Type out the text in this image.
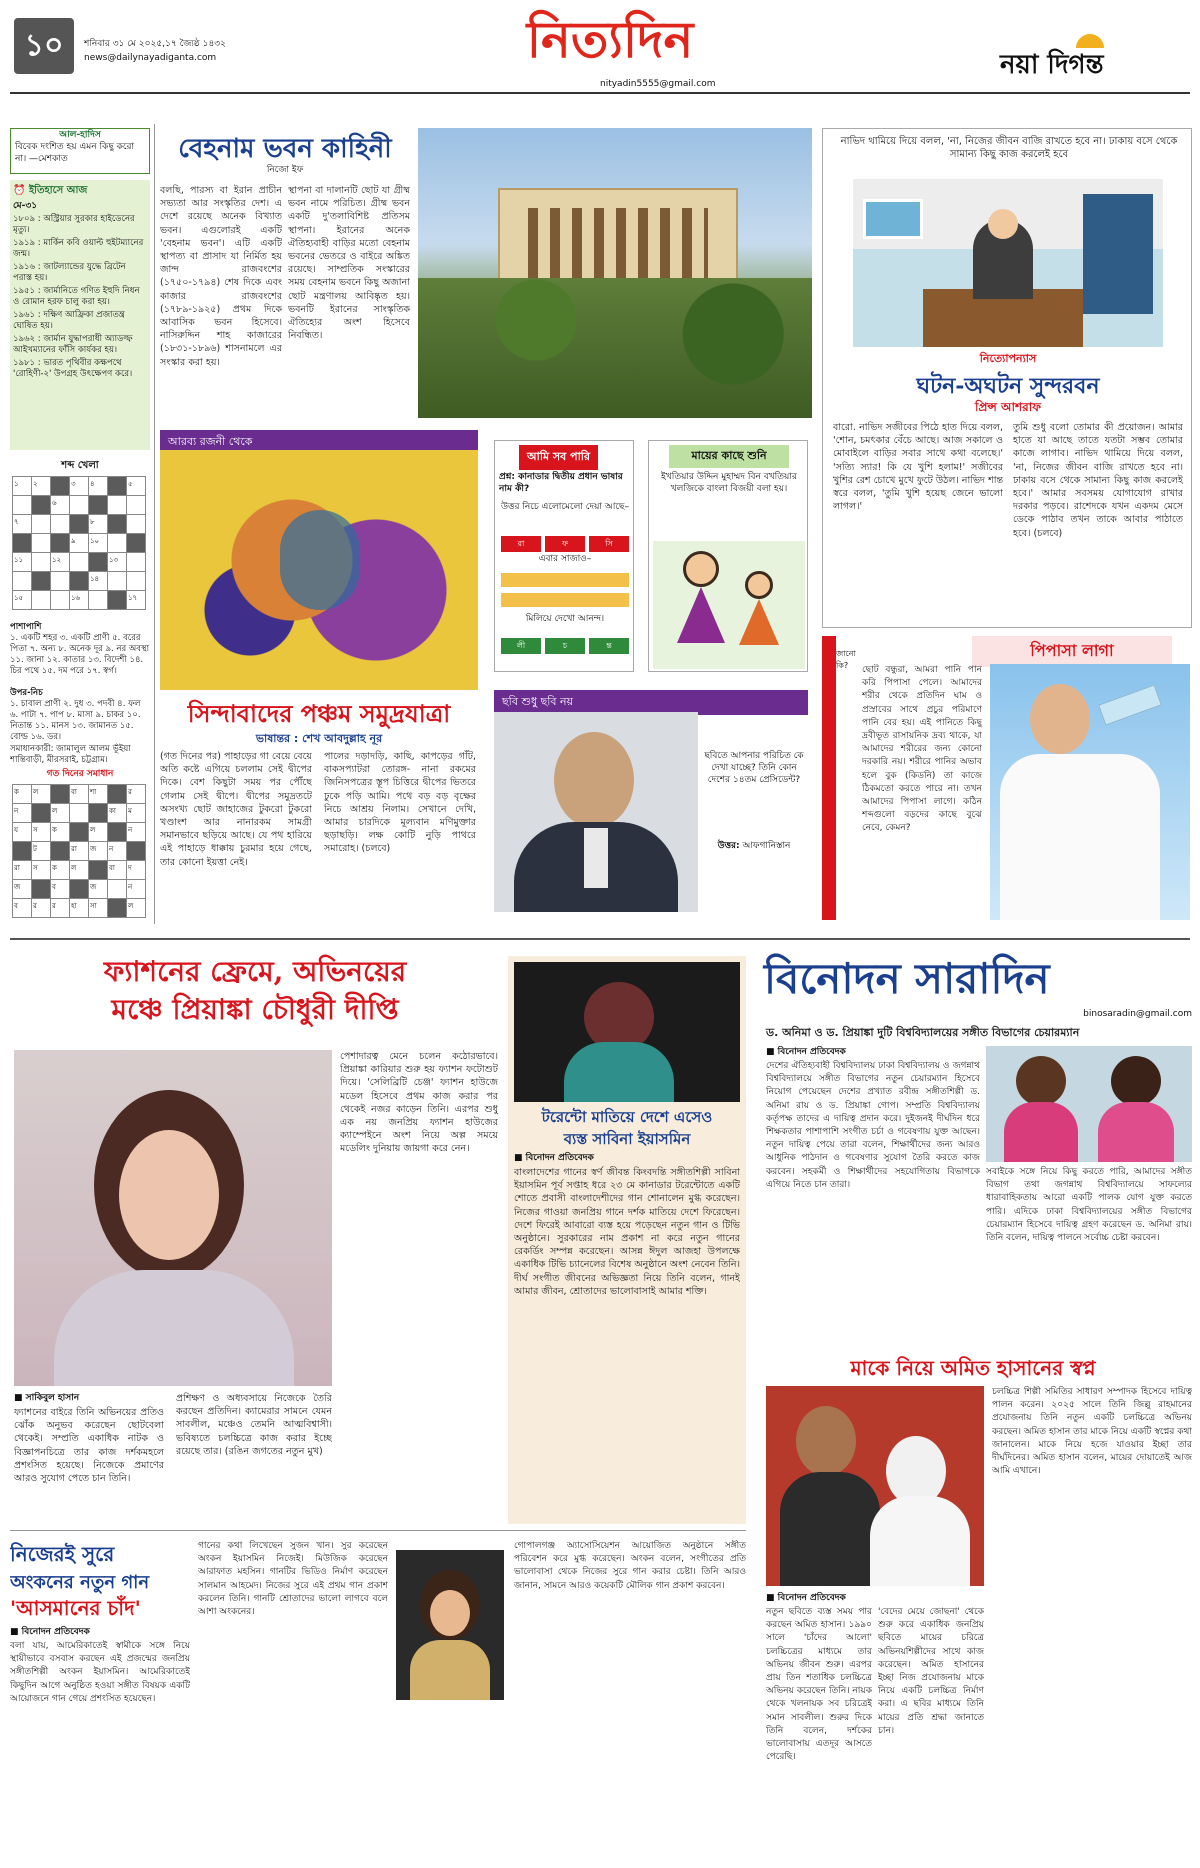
১০	শনিবার ৩১ মে ২০২৫,১৭ জ্যৈষ্ঠ ১৪৩২
news@dailynayadiganta.com	নিত্যদিন
nityadin5555@gmail.com
নয়া দিগন্ত
আল-হাদিস
বিবেক দংশিত হয় এমন কিছু করো না। —মেশকাত
⏰ ইতিহাসে আজ
মে-৩১
১৮০৯ : অস্ট্রিয়ার সুরকার হাইডেনের মৃত্যু।
১৯১৯ : মার্কিন কবি ওয়াল্ট হুইটম্যানের জন্ম।
১৯১৬ : জাটল্যান্ডের যুদ্ধে ব্রিটেন পরাস্ত হয়।
১৯৫১ : জার্মানিতে গণিত ইহুদি নিধন ও রোমান হরফ চালু করা হয়।
১৯৬১ : দক্ষিণ আফ্রিকা প্রজাতন্ত্র ঘোষিত হয়।
১৯৬২ : জার্মান যুদ্ধাপরাধী অ্যাডল্ফ আইখম্যানের ফাঁসি কার্যকর হয়।
১৯৮১ : ভারত পৃথিবীর কক্ষপথে 'রোহিণী-২' উপগ্রহ উৎক্ষেপণ করে।
শব্দ খেলা
১	২		৩	৪		৫
		৬				
৭				৮		
			৯	১০		
১১		১২			১৩	
				১৪		
১৫			১৬			১৭
পাশাপাশি
১. একটি শহর ৩. একটি প্রাণী ৫. বরের পিতা ৭. অন্য ৮. অনেক দূর ৯. নর অবস্থা ১১. জানা ১২. কাতার ১৩. বিদেশী ১৪. চির পথে ১৫. দম পরে ১৭. স্বর্গ।
উপর-নিচ
১. চাবাল প্রাণী ২. দুধ ৩. পদবী ৪. ফল ৬. পাটা ৭. পাপ ৮. মাসা ৯. চাকর ১০. নিতান্ত ১১. মানস ১৩. জামানত ১৫. বোল্ড ১৬. ডর।
সমাধানকারী: জামালুল আলম ভূঁইয়া শান্তিবাড়ী, মীরসরাই, চট্টগ্রাম।
গত দিনের সমাধান
ক	ল		বা	শা		র
ন		ল			কা	ম
য	স	ক		ল		ন
	ট		রা	জ	ন	
রা	স	ক	ল		বা	দ
জ		ব		জ		ন
ব	র	র	হা	সা		ল
বেহনাম ভবন কাহিনী
নিজো ইফ
বলছি, পারস্য বা ইরান প্রাচীন সভ্যতা আর সংস্কৃতির দেশ। এ দেশে রয়েছে অনেক বিখ্যাত ভবন। এগুলোরই একটি 'বেহনাম ভবন'। এটি একটি স্থাপত্য বা প্রাসাদ যা নির্মিত হয় জান্দ রাজবংশের (১৭৫০-১৭৯৪) শেষ দিকে এবং কাজার রাজবংশের (১৭৮৯-১৯২৫) প্রথম দিকে আবাসিক ভবন হিসেবে। নাসিরুদ্দিন শাহ কাজারের (১৮৩১-১৮৯৬) শাসনামলে এর সংস্কার করা হয়।
স্থাপনা বা দালানটি ছোট যা গ্রীষ্ম ভবন নামে পরিচিত। গ্রীষ্ম ভবন একটি দু'তলাবিশিষ্ট প্রতিসম স্থাপনা। ইরানের অনেক ঐতিহ্যবাহী বাড়ির মতো বেহনাম ভবনের ভেতরে ও বাইরে অঙ্কিত রয়েছে। সাম্প্রতিক সংস্কারের সময় বেহনাম ভবনে কিছু অজানা ছোট মন্ত্রণালয় আবিষ্কৃত হয়। ভবনটি ইরানের সাংস্কৃতিক ঐতিহ্যের অংশ হিসেবে নিবন্ধিত।
নাভিদ থামিয়ে দিয়ে বলল, 'না, নিজের জীবন বাজি রাখতে হবে না। ঢাকায় বসে থেকে সামান্য কিছু কাজ করলেই হবে
নিত্যোপন্যাস
ঘটন-অঘটন সুন্দরবন
প্রিন্স আশরাফ
বারো. নাভিদ সজীবের পিঠে হাত দিয়ে বলল, 'শোন, চমৎকার বেঁচে আছে। আজ সকালে ও মোবাইলে বাড়ির সবার সাথে কথা বলেছে।' 'সত্যি স্যার! কি যে খুশি হলাম!' সজীবের খুশির রেশ চোখে মুখে ফুটে উঠল। নাভিদ শান্ত স্বরে বলল, 'তুমি খুশি হয়েছ জেনে ভালো লাগল।'
তুমি শুধু বলো তোমার কী প্রয়োজন। আমার হাতে যা আছে তাতে যতটা সম্ভব তোমার কাজে লাগাব। নাভিদ থামিয়ে দিয়ে বলল, 'না, নিজের জীবন বাজি রাখতে হবে না। ঢাকায় বসে থেকে সামান্য কিছু কাজ করলেই হবে।' আমার সবসময় যোগাযোগ রাখার দরকার পড়বে। রাশেদকে যখন একদম মেসে ডেকে পাঠাব তখন তাকে আবার পাঠাতে হবে। (চলবে)
আরব্য রজনী থেকে
সিন্দাবাদের পঞ্চম সমুদ্রযাত্রা
ভাষান্তর : শেখ আবদুল্লাহ নূর
(গত দিনের পর) পাহাড়ের গা বেয়ে বেয়ে অতি কষ্টে এগিয়ে চললাম সেই দ্বীপের দিকে। বেশ কিছুটা সময় পর পৌঁছে গেলাম সেই দ্বীপে। দ্বীপের সমুদ্রতটে অসংখ্য ছোট জাহাজের টুকরো টুকরো খণ্ডাংশ আর নানারকম সামগ্রী সমানভাবে ছড়িয়ে আছে। যে পথ হারিয়ে এই পাহাড়ে ধাক্কায় চুরমার হয়ে গেছে, তার কোনো ইয়ত্তা নেই।
পালের দড়াদড়ি, কাছি, কাপড়ের গাঁট, বাকসপ্যাটরা তোরঙ্গ- নানা রকমের জিনিসপত্রের স্তূপ চিত্তিরে দ্বীপের ভিতরে ঢুকে পড়ি আমি। পথে বড় বড় বৃক্ষের নিচে আশ্রয় নিলাম। সেখানে দেখি, আমার চারদিকে মূল্যবান মণিমুক্তার ছড়াছড়ি। লক্ষ কোটি নুড়ি পাথরে সমারোহ। (চলবে)
আমি সব পারি
প্রশ্ন: কানাডার দ্বিতীয় প্রধান ভাষার নাম কী?
উত্তর নিচে এলোমেলো দেয়া আছে–
রা	ফ	সি
এবার সাজাও–
মিলিয়ে দেখো আনন্দ।
লী	চ	ন্ত
মায়ের কাছে শুনি
ইখতিয়ার উদ্দিন মুহাম্মদ বিন বখতিয়ার খলজিকে বাংলা বিজয়ী বলা হয়।
ছবি শুধু ছবি নয়
ছবিতে আপনার পরিচিত কে দেখা যাচ্ছে? তিনি কোন দেশের ১৪তম প্রেসিডেন্ট?
উত্তর: আফগানিস্তান
পিপাসা লাগা
জানো কি?	ছোট বন্ধুরা, আমরা পানি পান করি পিপাসা পেলে। আমাদের শরীর থেকে প্রতিদিন ঘাম ও প্রস্রাবের সাথে প্রচুর পরিমাণে পানি বের হয়। এই পানিতে কিছু দ্রবীভূত রাসায়নিক দ্রব্য থাকে, যা আমাদের শরীরের জন্য কোনো দরকারি নয়। শরীরে পানির অভাব হলে বুক (কিডনি) তা কাজে ঠিকমতো করতে পারে না। তখন আমাদের পিপাসা লাগে। কঠিন শব্দগুলো বড়দের কাছে বুঝে নেবে, কেমন?
ফ্যাশনের ফ্রেমে, অভিনয়ের
মঞ্চে প্রিয়াঙ্কা চৌধুরী দীপ্তি
পেশাদারত্ব মেনে চলেন কঠোরভাবে। প্রিয়াঙ্কা কারিয়ার শুরু হয় ফ্যাশন ফটোশুট দিয়ে। 'সেলিব্রিটি চেঞ্জ' ফ্যাশন হাউজে মডেল হিসেবে প্রথম কাজ করার পর থেকেই নজর কাড়েন তিনি। এরপর শুধু এক নয় জনপ্রিয় ফ্যাশন হাউজের ক্যাম্পেইনে অংশ নিয়ে অল্প সময়ে মডেলিং দুনিয়ায় জায়গা করে নেন।
■ সাকিবুল হাসান
ফ্যাশনের বাইরে তিনি অভিনয়ের প্রতিও ঝোঁক অনুভব করেছেন ছোটবেলা থেকেই। সম্প্রতি একাধিক নাটক ও বিজ্ঞাপনচিত্রে তার কাজ দর্শকমহলে প্রশংসিত হয়েছে। নিজেকে প্রমাণের আরও সুযোগ পেতে চান তিনি।
প্রশিক্ষণ ও অধ্যবসায়ে নিজেকে তৈরি করছেন প্রতিদিন। ক্যামেরার সামনে যেমন সাবলীল, মঞ্চেও তেমনি আত্মবিশ্বাসী। ভবিষ্যতে চলচ্চিত্রে কাজ করার ইচ্ছে রয়েছে তার। (রঙিন জগতের নতুন মুখ)
টরেন্টো মাতিয়ে দেশে এসেও
ব্যস্ত সাবিনা ইয়াসমিন
■ বিনোদন প্রতিবেদক
বাংলাদেশের গানের স্বর্ণ জীবন্ত কিংবদন্তি সঙ্গীতশিল্পী সাবিনা ইয়াসমিন পূর্ব সপ্তাহ ধরে ২৩ মে কানাডার টরেন্টোতে একটি শোতে প্রবাসী বাংলাদেশীদের গান শোনালেন মুগ্ধ করেছেন। নিজের গাওয়া জনপ্রিয় গানে দর্শক মাতিয়ে দেশে ফিরেছেন। দেশে ফিরেই আবারো ব্যস্ত হয়ে পড়েছেন নতুন গান ও টিভি অনুষ্ঠানে। সুরকারের নাম প্রকাশ না করে নতুন গানের রেকর্ডিং সম্পন্ন করেছেন। আসন্ন ঈদুল আজহা উপলক্ষে একাধিক টিভি চ্যানেলের বিশেষ অনুষ্ঠানে অংশ নেবেন তিনি। দীর্ঘ সংগীত জীবনের অভিজ্ঞতা নিয়ে তিনি বলেন, গানই আমার জীবন, শ্রোতাদের ভালোবাসাই আমার শক্তি।
বিনোদন সারাদিন
binosaradin@gmail.com
ড. অনিমা ও ড. প্রিয়াঙ্কা দুটি বিশ্ববিদ্যালয়ের সঙ্গীত বিভাগের চেয়ারম্যান
■ বিনোদন প্রতিবেদক
দেশের ঐতিহ্যবাহী বিশ্ববিদ্যালয় ঢাকা বিশ্ববিদ্যালয় ও জগন্নাথ বিশ্ববিদ্যালয়ে সঙ্গীত বিভাগের নতুন চেয়ারম্যান হিসেবে নিয়োগ পেয়েছেন দেশের প্রখ্যাত রবীন্দ্র সঙ্গীতশিল্পী ড. অনিমা রায় ও ড. প্রিয়াঙ্কা গোপ। সম্প্রতি বিশ্ববিদ্যালয় কর্তৃপক্ষ তাদের এ দায়িত্ব প্রদান করে। দুইজনই দীর্ঘদিন ধরে শিক্ষকতার পাশাপাশি সংগীত চর্চা ও গবেষণায় যুক্ত আছেন। নতুন দায়িত্ব পেয়ে তারা বলেন, শিক্ষার্থীদের জন্য আরও আধুনিক পাঠদান ও গবেষণার সুযোগ তৈরি করতে কাজ করবেন। সহকর্মী ও শিক্ষার্থীদের সহযোগিতায় বিভাগকে এগিয়ে নিতে চান তারা।
সবাইকে সঙ্গে নিয়ে কিছু করতে পারি, আমাদের সঙ্গীত বিভাগ তথা জগন্নাথ বিশ্ববিদ্যালয়ে সাফল্যের ধারাবাহিকতায় আরো একটি পালক যোগ যুক্ত করতে পারি। এদিকে ঢাকা বিশ্ববিদ্যালয়ের সঙ্গীত বিভাগের চেয়ারম্যান হিসেবে দায়িত্ব গ্রহণ করেছেন ড. অনিমা রায়। তিনি বলেন, দায়িত্ব পালনে সর্বোচ্চ চেষ্টা করবেন।
মাকে নিয়ে অমিত হাসানের স্বপ্ন
চলচ্চিত্র শিল্পী সমিতির সাধারণ সম্পাদক হিসেবে দায়িত্ব পালন করেন। ২০২৫ সালে তিনি জিল্লু রাহমানের প্রযোজনায় তিনি নতুন একটি চলচ্চিত্রে অভিনয় করছেন। অমিত হাসান তার মাকে নিয়ে একটি স্বপ্নের কথা জানালেন। মাকে নিয়ে হজে যাওয়ার ইচ্ছা তার দীর্ঘদিনের। অমিত হাসান বলেন, মায়ের দোয়াতেই আজ আমি এখানে।
■ বিনোদন প্রতিবেদক
নতুন ছবিতে ব্যস্ত সময় পার করছেন অমিত হাসান। ১৯৯০ সালে 'চাঁদের আলো' চলচ্চিত্রের মাধ্যমে তার অভিনয় জীবন শুরু। এরপর প্রায় তিন শতাধিক চলচ্চিত্রে অভিনয় করেছেন তিনি। নায়ক থেকে খলনায়ক সব চরিত্রেই সমান সাবলীল। শুরুর দিকে তিনি বলেন, দর্শকের ভালোবাসায় এতদূর আসতে পেরেছি।
'বেদের মেয়ে জোছনা' থেকে শুরু করে একাধিক জনপ্রিয় ছবিতে মায়ের চরিত্রে অভিনয়শিল্পীদের সাথে কাজ করেছেন। অমিত হাসানের ইচ্ছা নিজ প্রযোজনায় মাকে নিয়ে একটি চলচ্চিত্র নির্মাণ করা। এ ছবির মাধ্যমে তিনি মায়ের প্রতি শ্রদ্ধা জানাতে চান।
নিজেরই সুরে
অংকনের নতুন গান
'আসমানের চাঁদ'
■ বিনোদন প্রতিবেদক
বলা যায়, আমেরিকাতেই স্বামীকে সঙ্গে নিয়ে স্থায়ীভাবে বসবাস করছেন এই প্রজন্মের জনপ্রিয় সঙ্গীতশিল্পী অংকন ইয়াসমিন। আমেরিকাতেই কিছুদিন আগে অনুষ্ঠিত হওয়া সঙ্গীত বিষয়ক একটি আয়োজনে গান গেয়ে প্রশংসিত হয়েছেন।
গানের কথা লিখেছেন সুজন খান। সুর করেছেন অংকন ইয়াসমিন নিজেই। মিউজিক করেছেন আরাফাত মহসিন। গানটির ভিডিও নির্মাণ করেছেন সালমান আহমেদ। নিজের সুরে এই প্রথম গান প্রকাশ করলেন তিনি। গানটি শ্রোতাদের ভালো লাগবে বলে আশা অংকনের।
গোপালগঞ্জ অ্যাসোসিয়েশন আয়োজিত অনুষ্ঠানে সঙ্গীত পরিবেশন করে মুগ্ধ করেছেন। অংকন বলেন, সংগীতের প্রতি ভালোবাসা থেকে নিজের সুরে গান করার চেষ্টা। তিনি আরও জানান, সামনে আরও কয়েকটি মৌলিক গান প্রকাশ করবেন।
